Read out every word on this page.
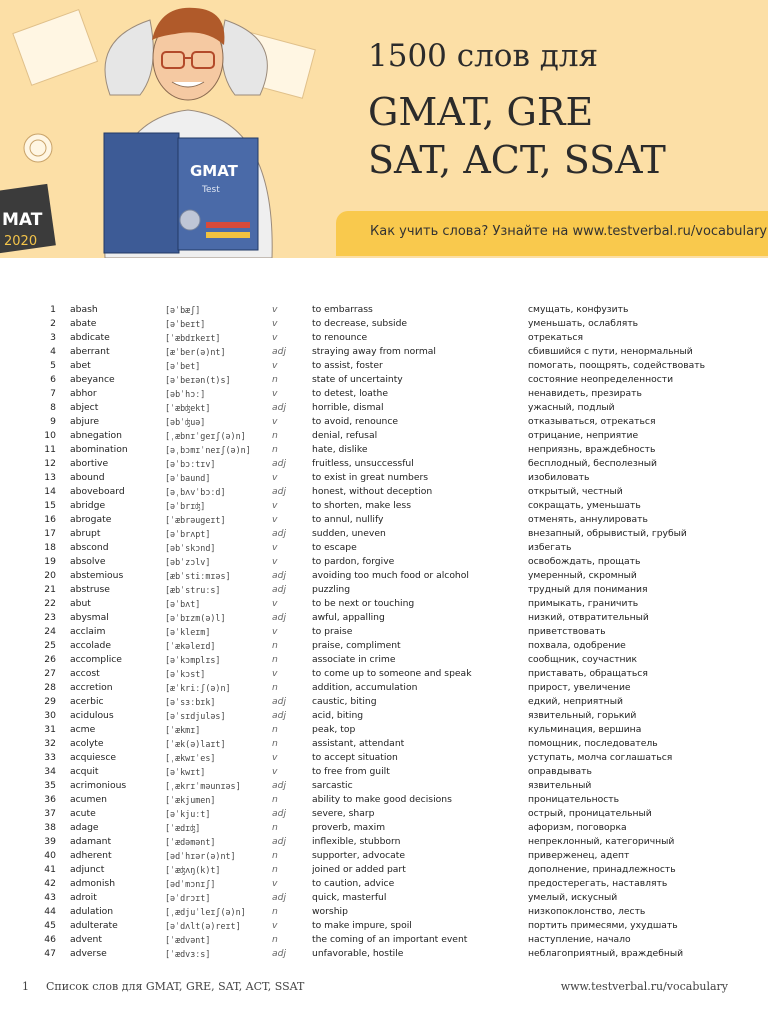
MAT
2020
GMAT
Test
1500 слов для
GMAT, GRE
SAT, ACT, SSAT
Как учить слова? Узнайте на www.testverbal.ru/vocabulary
1	abash	[əˈbæʃ]	v	to embarrass	смущать, конфузить
2	abate	[əˈbeɪt]	v	to decrease, subside	уменьшать, ослаблять
3	abdicate	[ˈæbdɪkeɪt]	v	to renounce	отрекаться
4	aberrant	[æˈber(ə)nt]	adj	straying away from normal	сбившийся с пути, ненормальный
5	abet	[əˈbet]	v	to assist, foster	помогать, поощрять, содействовать
6	abeyance	[əˈbeɪən(t)s]	n	state of uncertainty	состояние неопределенности
7	abhor	[əbˈhɔː]	v	to detest, loathe	ненавидеть, презирать
8	abject	[ˈæbʤekt]	adj	horrible, dismal	ужасный, подлый
9	abjure	[əbˈʤuə]	v	to avoid, renounce	отказываться, отрекаться
10	abnegation	[ˌæbnɪˈgeɪʃ(ə)n]	n	denial, refusal	отрицание, неприятие
11	abomination	[əˌbɔmɪˈneɪʃ(ə)n]	n	hate, dislike	неприязнь, враждебность
12	abortive	[əˈbɔːtɪv]	adj	fruitless, unsuccessful	бесплодный, бесполезный
13	abound	[əˈbaund]	v	to exist in great numbers	изобиловать
14	aboveboard	[əˌbʌvˈbɔːd]	adj	honest, without deception	открытый, честный
15	abridge	[əˈbrɪʤ]	v	to shorten, make less	сокращать, уменьшать
16	abrogate	[ˈæbrəugeɪt]	v	to annul, nullify	отменять, аннулировать
17	abrupt	[əˈbrʌpt]	adj	sudden, uneven	внезапный, обрывистый, грубый
18	abscond	[əbˈskɔnd]	v	to escape	избегать
19	absolve	[əbˈzɔlv]	v	to pardon, forgive	освобождать, прощать
20	abstemious	[æbˈstiːmɪəs]	adj	avoiding too much food or alcohol	умеренный, скромный
21	abstruse	[æbˈstruːs]	adj	puzzling	трудный для понимания
22	abut	[əˈbʌt]	v	to be next or touching	примыкать, граничить
23	abysmal	[əˈbɪzm(ə)l]	adj	awful, appalling	низкий, отвратительный
24	acclaim	[əˈkleɪm]	v	to praise	приветствовать
25	accolade	[ˈækəleɪd]	n	praise, compliment	похвала, одобрение
26	accomplice	[əˈkɔmplɪs]	n	associate in crime	сообщник, соучастник
27	accost	[əˈkɔst]	v	to come up to someone and speak	приставать, обращаться
28	accretion	[æˈkriːʃ(ə)n]	n	addition, accumulation	прирост, увеличение
29	acerbic	[əˈsɜːbɪk]	adj	caustic, biting	едкий, неприятный
30	acidulous	[əˈsɪdjuləs]	adj	acid, biting	язвительный, горький
31	acme	[ˈækmɪ]	n	peak, top	кульминация, вершина
32	acolyte	[ˈæk(ə)laɪt]	n	assistant, attendant	помощник, последователь
33	acquiesce	[ˌækwɪˈes]	v	to accept situation	уступать, молча соглашаться
34	acquit	[əˈkwɪt]	v	to free from guilt	оправдывать
35	acrimonious	[ˌækrɪˈməunɪəs]	adj	sarcastic	язвительный
36	acumen	[ˈækjumen]	n	ability to make good decisions	проницательность
37	acute	[əˈkjuːt]	adj	severe, sharp	острый, проницательный
38	adage	[ˈædɪʤ]	n	proverb, maxim	афоризм, поговорка
39	adamant	[ˈædəmənt]	adj	inflexible, stubborn	непреклонный, категоричный
40	adherent	[ədˈhɪər(ə)nt]	n	supporter, advocate	приверженец, адепт
41	adjunct	[ˈæʤʌŋ(k)t]	n	joined or added part	дополнение, принадлежность
42	admonish	[ədˈmɔnɪʃ]	v	to caution, advice	предостерегать, наставлять
43	adroit	[əˈdrɔɪt]	adj	quick, masterful	умелый, искусный
44	adulation	[ˌædjuˈleɪʃ(ə)n]	n	worship	низкопоклонство, лесть
45	adulterate	[əˈdʌlt(ə)reɪt]	v	to make impure, spoil	портить примесями, ухудшать
46	advent	[ˈædvənt]	n	the coming of an important event	наступление, начало
47	adverse	[ˈædvɜːs]	adj	unfavorable, hostile	неблагоприятный, враждебный
1 Список слов для GMAT, GRE, SAT, ACT, SSAT	www.testverbal.ru/vocabulary
